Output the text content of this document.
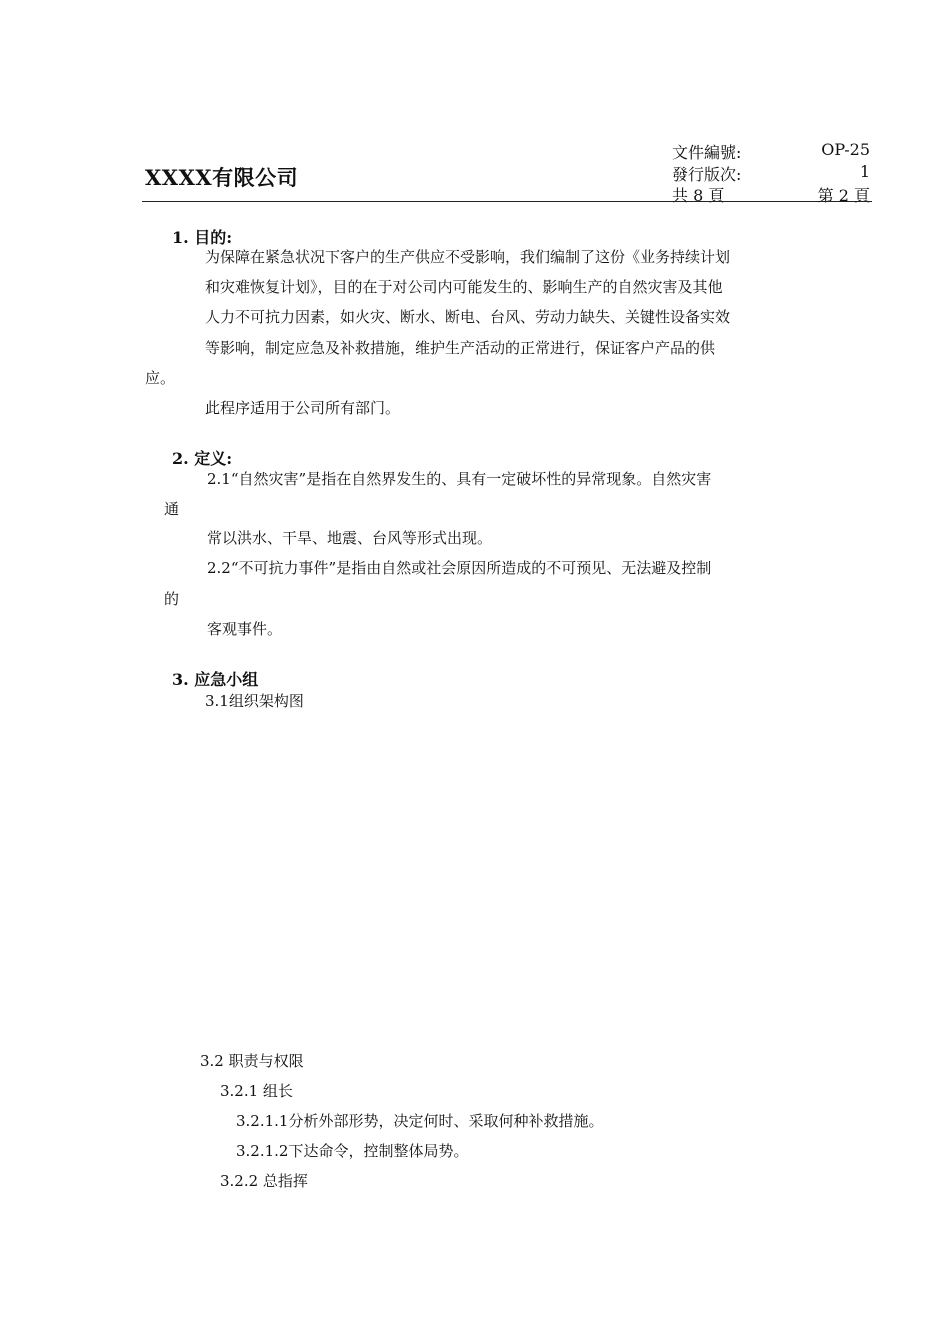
XXXX有限公司
文件編號:	OP-25
發行版次:	1
共 8 頁	第 2 頁
1. 目的:
为保障在紧急状况下客户的生产供应不受影响，我们编制了这份《业务持续计划
和灾难恢复计划》，目的在于对公司内可能发生的、影响生产的自然灾害及其他
人力不可抗力因素，如火灾、断水、断电、台风、劳动力缺失、关键性设备实效
等影响，制定应急及补救措施，维护生产活动的正常进行，保证客户产品的供
应。
此程序适用于公司所有部门。
2. 定义:
2.1“自然灾害”是指在自然界发生的、具有一定破坏性的异常现象。自然灾害
通
常以洪水、干旱、地震、台风等形式出现。
2.2“不可抗力事件”是指由自然或社会原因所造成的不可预见、无法避及控制
的
客观事件。
3. 应急小组
3.1组织架构图
3.2 职责与权限
3.2.1 组长
3.2.1.1分析外部形势，决定何时、采取何种补救措施。
3.2.1.2下达命令，控制整体局势。
3.2.2 总指挥
